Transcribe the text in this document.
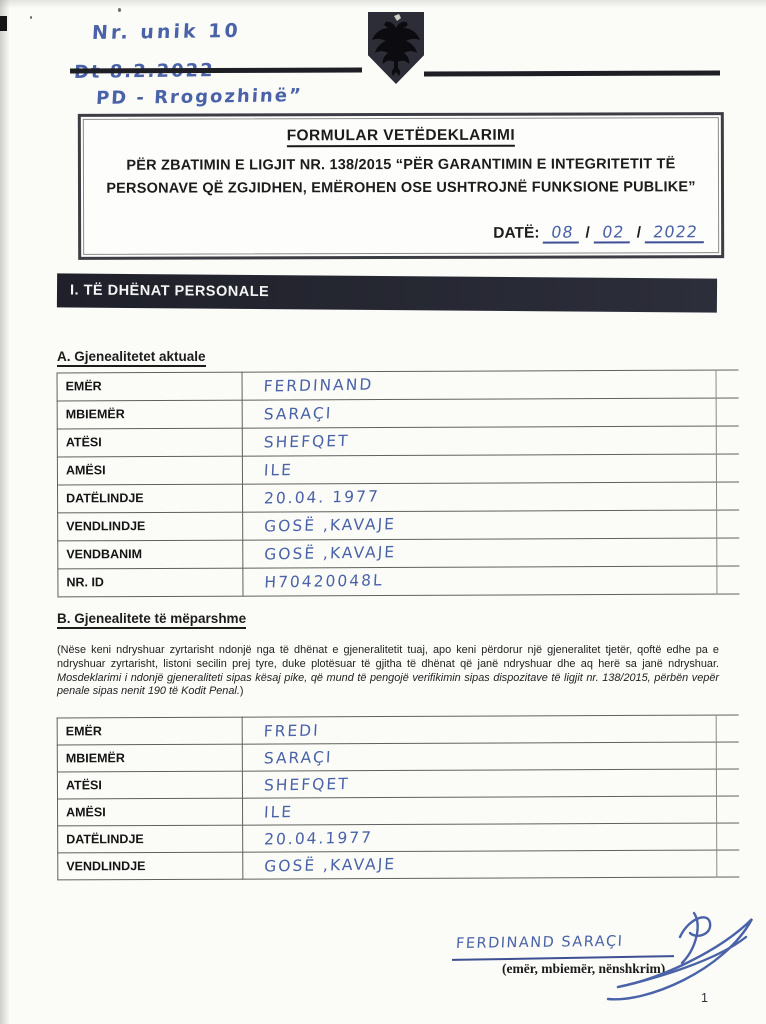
Nr. unik 10
PD - Rrogozhinë”
FORMULAR VETËDEKLARIMI
PËR ZBATIMIN E LIGJIT NR. 138/2015 “PËR GARANTIMIN E INTEGRITETIT TË PERSONAVE QË ZGJIDHEN, EMËROHEN OSE USHTROJNË FUNKSIONE PUBLIKE”
DATË: 08 / 02 / 2022
I. TË DHËNAT PERSONALE
A. Gjenealitetet aktuale
EMËR	FERDINAND
MBIEMËR	SARAÇI
ATËSI	SHEFQET
AMËSI	ILE
DATËLINDJE	20.04. 1977
VENDLINDJE	GOSË ,KAVAJE
VENDBANIM	GOSË ,KAVAJE
NR. ID	H70420048L
B. Gjenealitete të mëparshme
(Nëse keni ndryshuar zyrtarisht ndonjë nga të dhënat e gjeneralitetit tuaj, apo keni përdorur një gjeneralitet tjetër, qoftë edhe pa e ndryshuar zyrtarisht, listoni secilin prej tyre, duke plotësuar të gjitha të dhënat që janë ndryshuar dhe aq herë sa janë ndryshuar. Mosdeklarimi i ndonjë gjeneraliteti sipas kësaj pike, që mund të pengojë verifikimin sipas dispozitave të ligjit nr. 138/2015, përbën vepër penale sipas nenit 190 të Kodit Penal.)
EMËR	FREDI
MBIEMËR	SARAÇI
ATËSI	SHEFQET
AMËSI	ILE
DATËLINDJE	20.04.1977
VENDLINDJE	GOSË ,KAVAJE
FERDINAND SARAÇI
(emër, mbiemër, nënshkrim)
1
